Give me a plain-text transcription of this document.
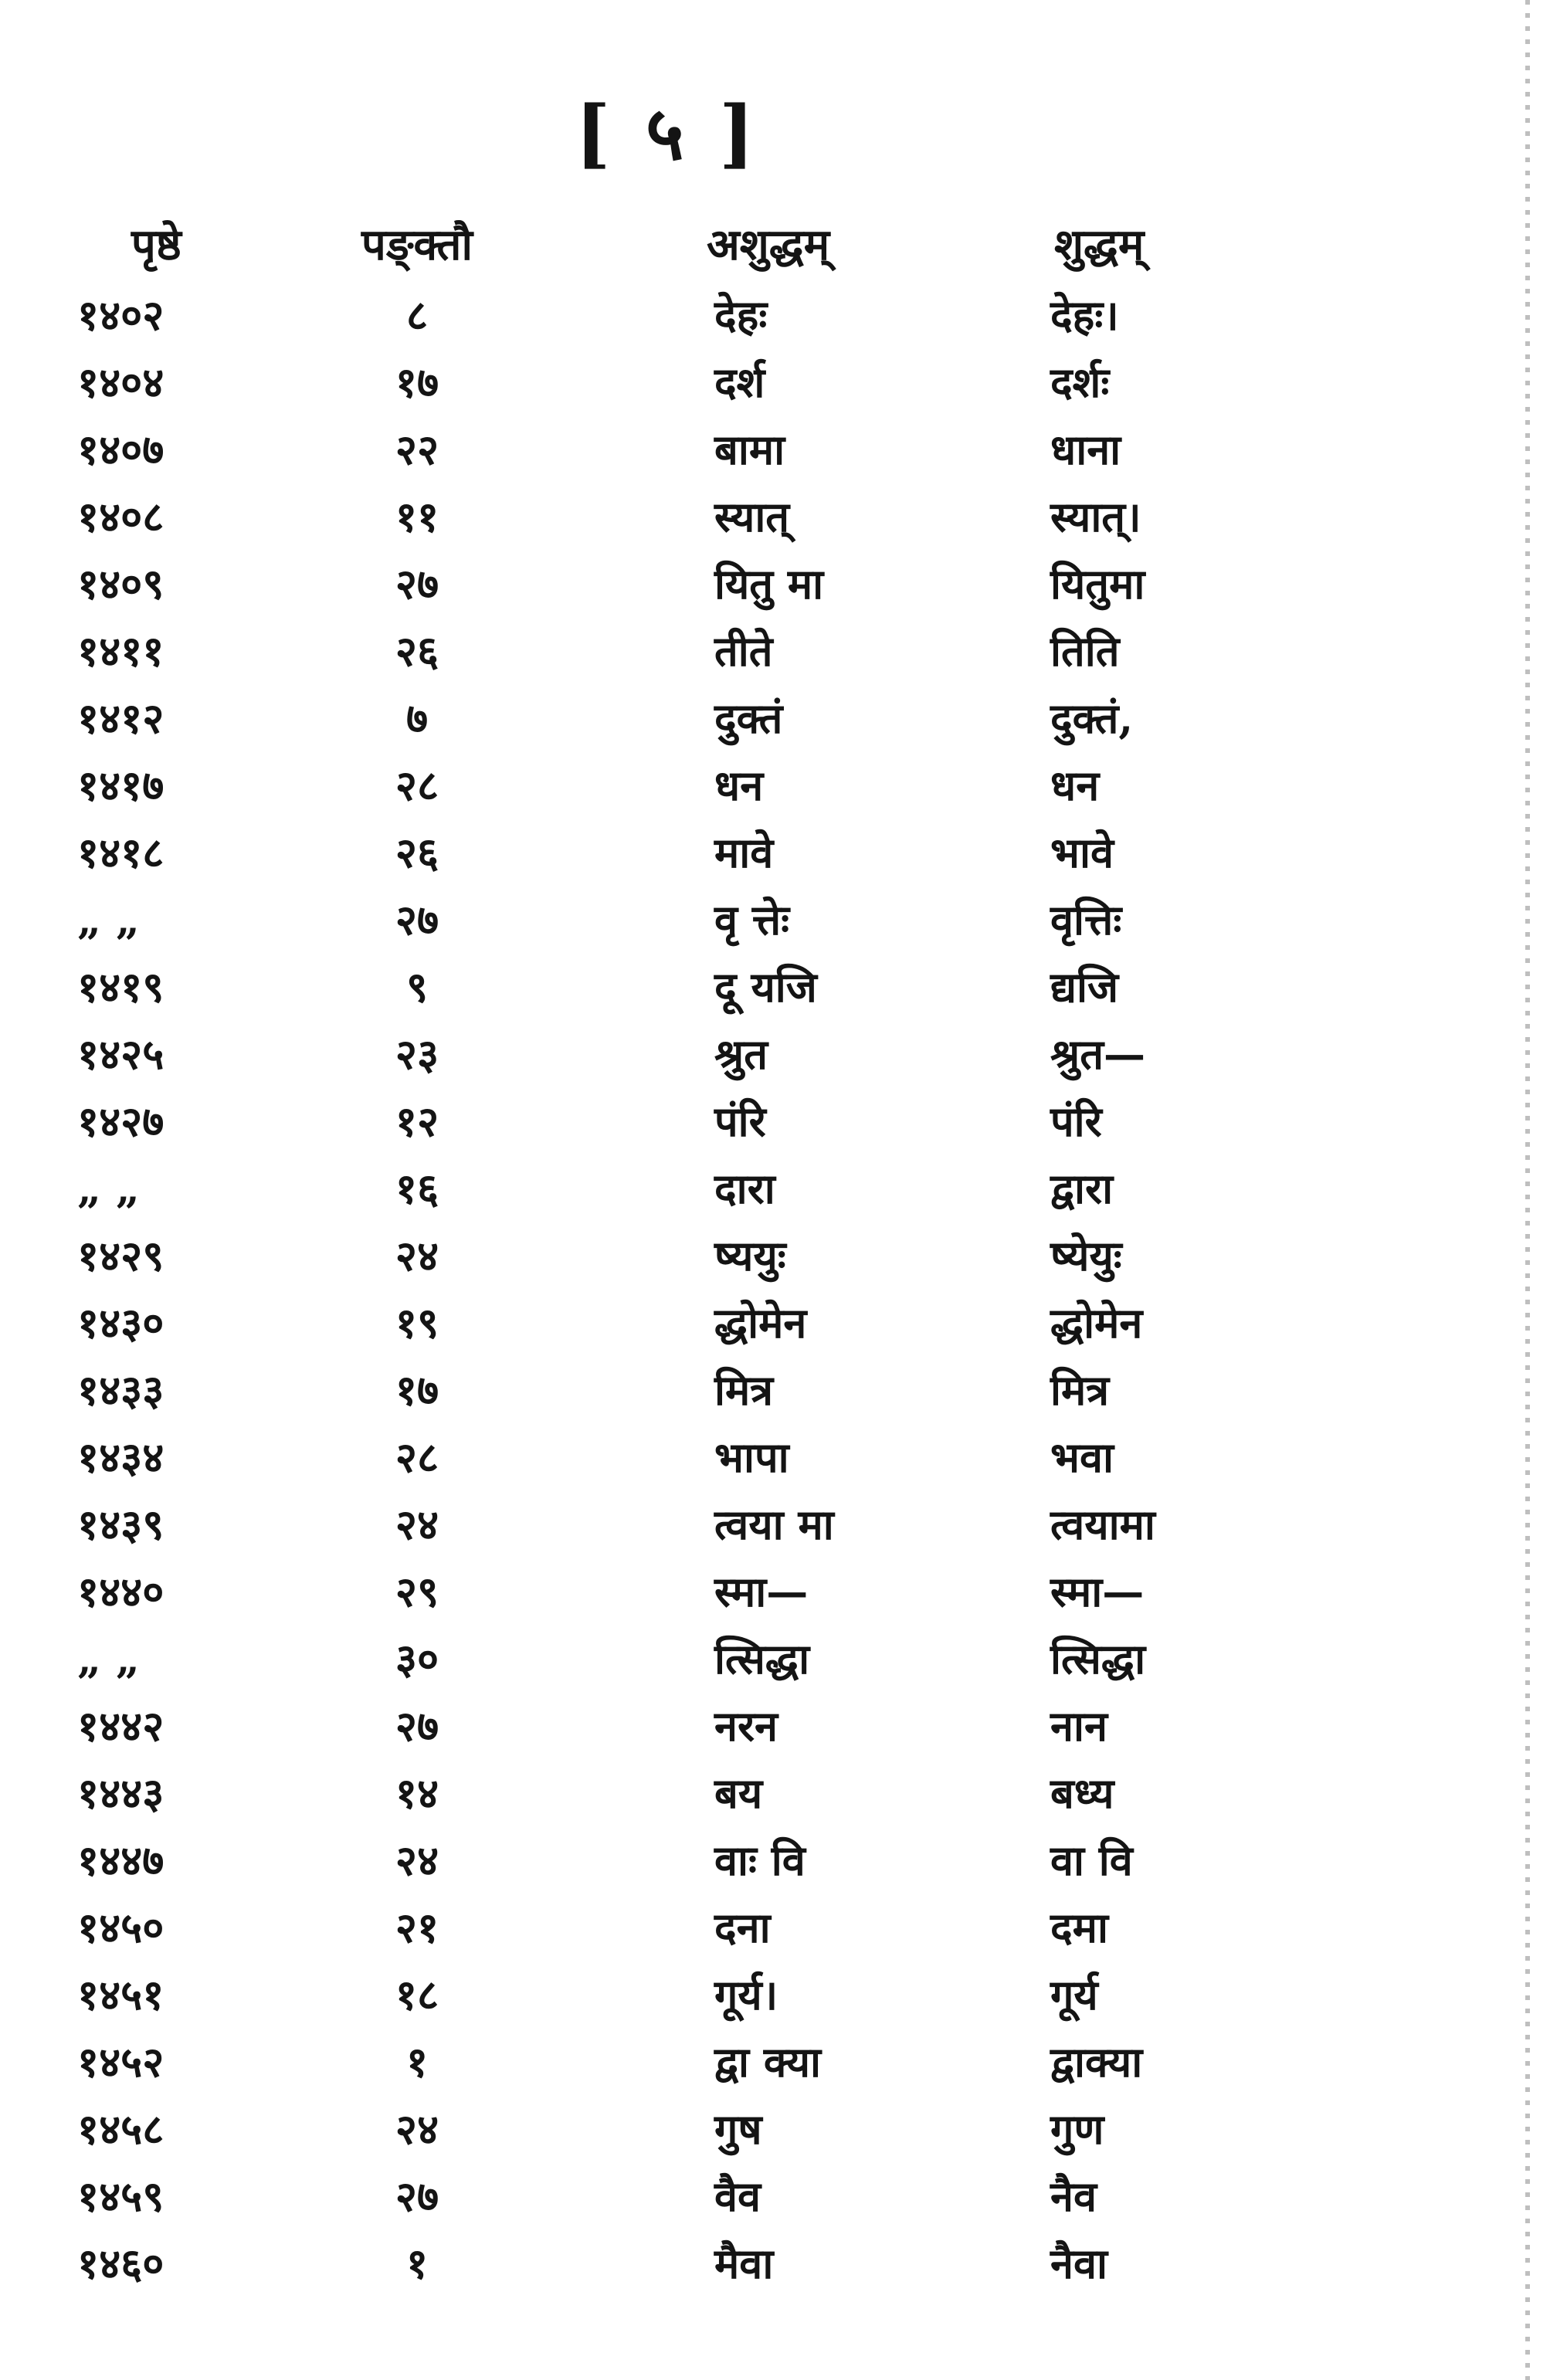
[ ५ ]
पृष्ठे	पङ्क्तौ	अशुद्धम्	शुद्धम्
१४०२	८	देहः	देहः।
१४०४	१७	दर्श	दर्शः
१४०७	२२	बामा	धाना
१४०८	११	स्यात्	स्यात्।
१४०९	२७	यितु मा	यितुमा
१४११	२६	तीते	तिति
१४१२	७	दुक्तं	दुक्तं,
१४१७	२८	धन	धन
१४१८	२६	मावे	भावे
„ „	२७	वृ त्तेः	वृत्तिः
१४१९	९	दू यजि	द्यजि
१४२५	२३	श्रुत	श्रुत—
१४२७	१२	पंरि	पंरि
„ „	१६	दारा	द्वारा
१४२९	२४	ष्ययुः	ष्येयुः
१४३०	१९	द्धोमेन	द्धोमेन
१४३३	१७	मित्र	मित्र
१४३४	२८	भापा	भवा
१४३९	२४	त्वया मा	त्वयामा
१४४०	२९	स्मा—	स्मा—
„ „	३०	त्सिद्धा	त्सिद्धा
१४४२	२७	नरन	नान
१४४३	१४	बय	बध्य
१४४७	२४	वाः वि	वा वि
१४५०	२१	दना	दमा
१४५१	१८	गूर्य।	गूर्य
१४५२	१	द्वा क्या	द्वाक्या
१४५८	२४	गुष	गुण
१४५९	२७	वैव	नैव
१४६०	१	मैवा	नैवा
